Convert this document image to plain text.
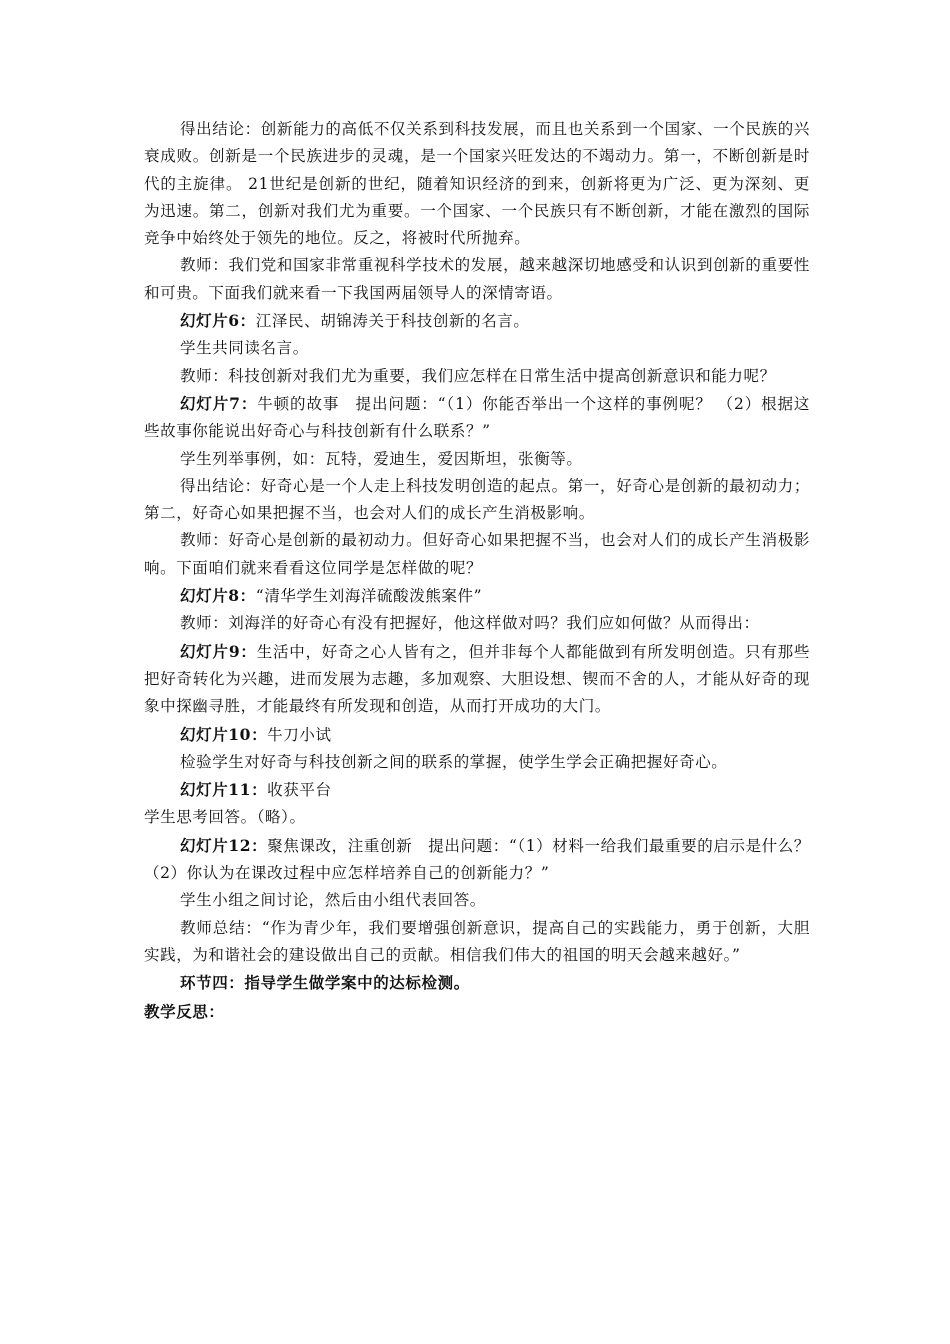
得出结论：创新能力的高低不仅关系到科技发展，而且也关系到一个国家、一个民族的兴衰成败。创新是一个民族进步的灵魂，是一个国家兴旺发达的不竭动力。第一，不断创新是时代的主旋律。 21世纪是创新的世纪，随着知识经济的到来，创新将更为广泛、更为深刻、更为迅速。第二，创新对我们尤为重要。一个国家、一个民族只有不断创新，才能在激烈的国际竞争中始终处于领先的地位。反之，将被时代所抛弃。

教师：我们党和国家非常重视科学技术的发展，越来越深切地感受和认识到创新的重要性和可贵。下面我们就来看一下我国两届领导人的深情寄语。

幻灯片6：江泽民、胡锦涛关于科技创新的名言。

学生共同读名言。

教师：科技创新对我们尤为重要，我们应怎样在日常生活中提高创新意识和能力呢？

幻灯片7：牛顿的故事　提出问题：“（1）你能否举出一个这样的事例呢？ （2）根据这些故事你能说出好奇心与科技创新有什么联系？”

学生列举事例，如：瓦特，爱迪生，爱因斯坦，张衡等。

得出结论：好奇心是一个人走上科技发明创造的起点。第一，好奇心是创新的最初动力；第二，好奇心如果把握不当，也会对人们的成长产生消极影响。

教师：好奇心是创新的最初动力。但好奇心如果把握不当，也会对人们的成长产生消极影响。下面咱们就来看看这位同学是怎样做的呢？

幻灯片8：“清华学生刘海洋硫酸泼熊案件”

教师：刘海洋的好奇心有没有把握好，他这样做对吗？我们应如何做？从而得出：

幻灯片9：生活中，好奇之心人皆有之，但并非每个人都能做到有所发明创造。只有那些把好奇转化为兴趣，进而发展为志趣，多加观察、大胆设想、锲而不舍的人，才能从好奇的现象中探幽寻胜，才能最终有所发现和创造，从而打开成功的大门。

幻灯片10：牛刀小试

检验学生对好奇与科技创新之间的联系的掌握，使学生学会正确把握好奇心。

幻灯片11：收获平台

学生思考回答。（略）。

幻灯片12：聚焦课改，注重创新　提出问题：“（1）材料一给我们最重要的启示是什么？（2）你认为在课改过程中应怎样培养自己的创新能力？”

学生小组之间讨论，然后由小组代表回答。

教师总结：“作为青少年，我们要增强创新意识，提高自己的实践能力，勇于创新，大胆实践，为和谐社会的建设做出自己的贡献。相信我们伟大的祖国的明天会越来越好。”

环节四：指导学生做学案中的达标检测。

教学反思：
